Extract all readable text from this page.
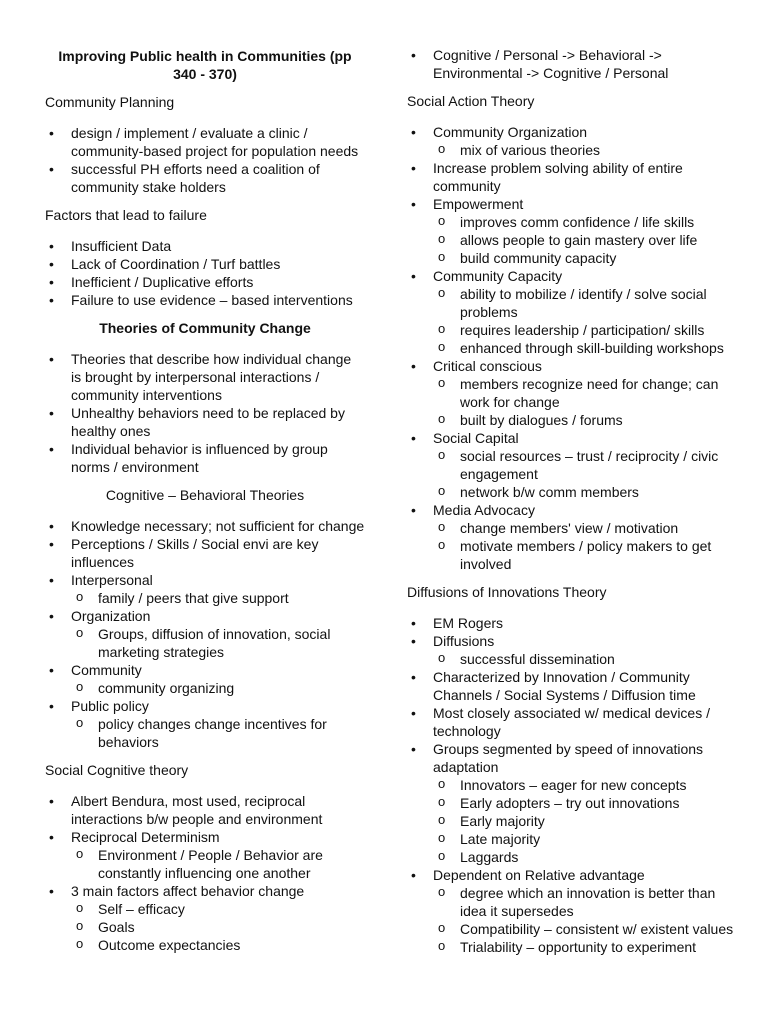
Improving Public health in Communities (pp 340 - 370)
Community Planning
• design / implement / evaluate a clinic / community-based project for population needs
• successful PH efforts need a coalition of community stake holders
Factors that lead to failure
• Insufficient Data
• Lack of Coordination / Turf battles
• Inefficient / Duplicative efforts
• Failure to use evidence – based interventions
Theories of Community Change
• Theories that describe how individual change is brought by interpersonal interactions / community interventions
• Unhealthy behaviors need to be replaced by healthy ones
• Individual behavior is influenced by group norms / environment
Cognitive – Behavioral Theories
• Knowledge necessary; not sufficient for change
• Perceptions / Skills / Social envi are key influences
• Interpersonal
o family / peers that give support
• Organization
o Groups, diffusion of innovation, social marketing strategies
• Community
o community organizing
• Public policy
o policy changes change incentives for behaviors
Social Cognitive theory
• Albert Bendura, most used, reciprocal interactions b/w people and environment
• Reciprocal Determinism
o Environment / People / Behavior are constantly influencing one another
• 3 main factors affect behavior change
o Self – efficacy
o Goals
o Outcome expectancies
• Cognitive / Personal -> Behavioral -> Environmental -> Cognitive / Personal
Social Action Theory
• Community Organization
o mix of various theories
• Increase problem solving ability of entire community
• Empowerment
o improves comm confidence / life skills
o allows people to gain mastery over life
o build community capacity
• Community Capacity
o ability to mobilize / identify / solve social problems
o requires leadership / participation/ skills
o enhanced through skill-building workshops
• Critical conscious
o members recognize need for change; can work for change
o built by dialogues / forums
• Social Capital
o social resources – trust / reciprocity / civic engagement
o network b/w comm members
• Media Advocacy
o change members' view / motivation
o motivate members / policy makers to get involved
Diffusions of Innovations Theory
• EM Rogers
• Diffusions
o successful dissemination
• Characterized by Innovation / Community Channels / Social Systems / Diffusion time
• Most closely associated w/ medical devices / technology
• Groups segmented by speed of innovations adaptation
o Innovators – eager for new concepts
o Early adopters – try out innovations
o Early majority
o Late majority
o Laggards
• Dependent on Relative advantage
o degree which an innovation is better than idea it supersedes
o Compatibility – consistent w/ existent values
o Trialability – opportunity to experiment
